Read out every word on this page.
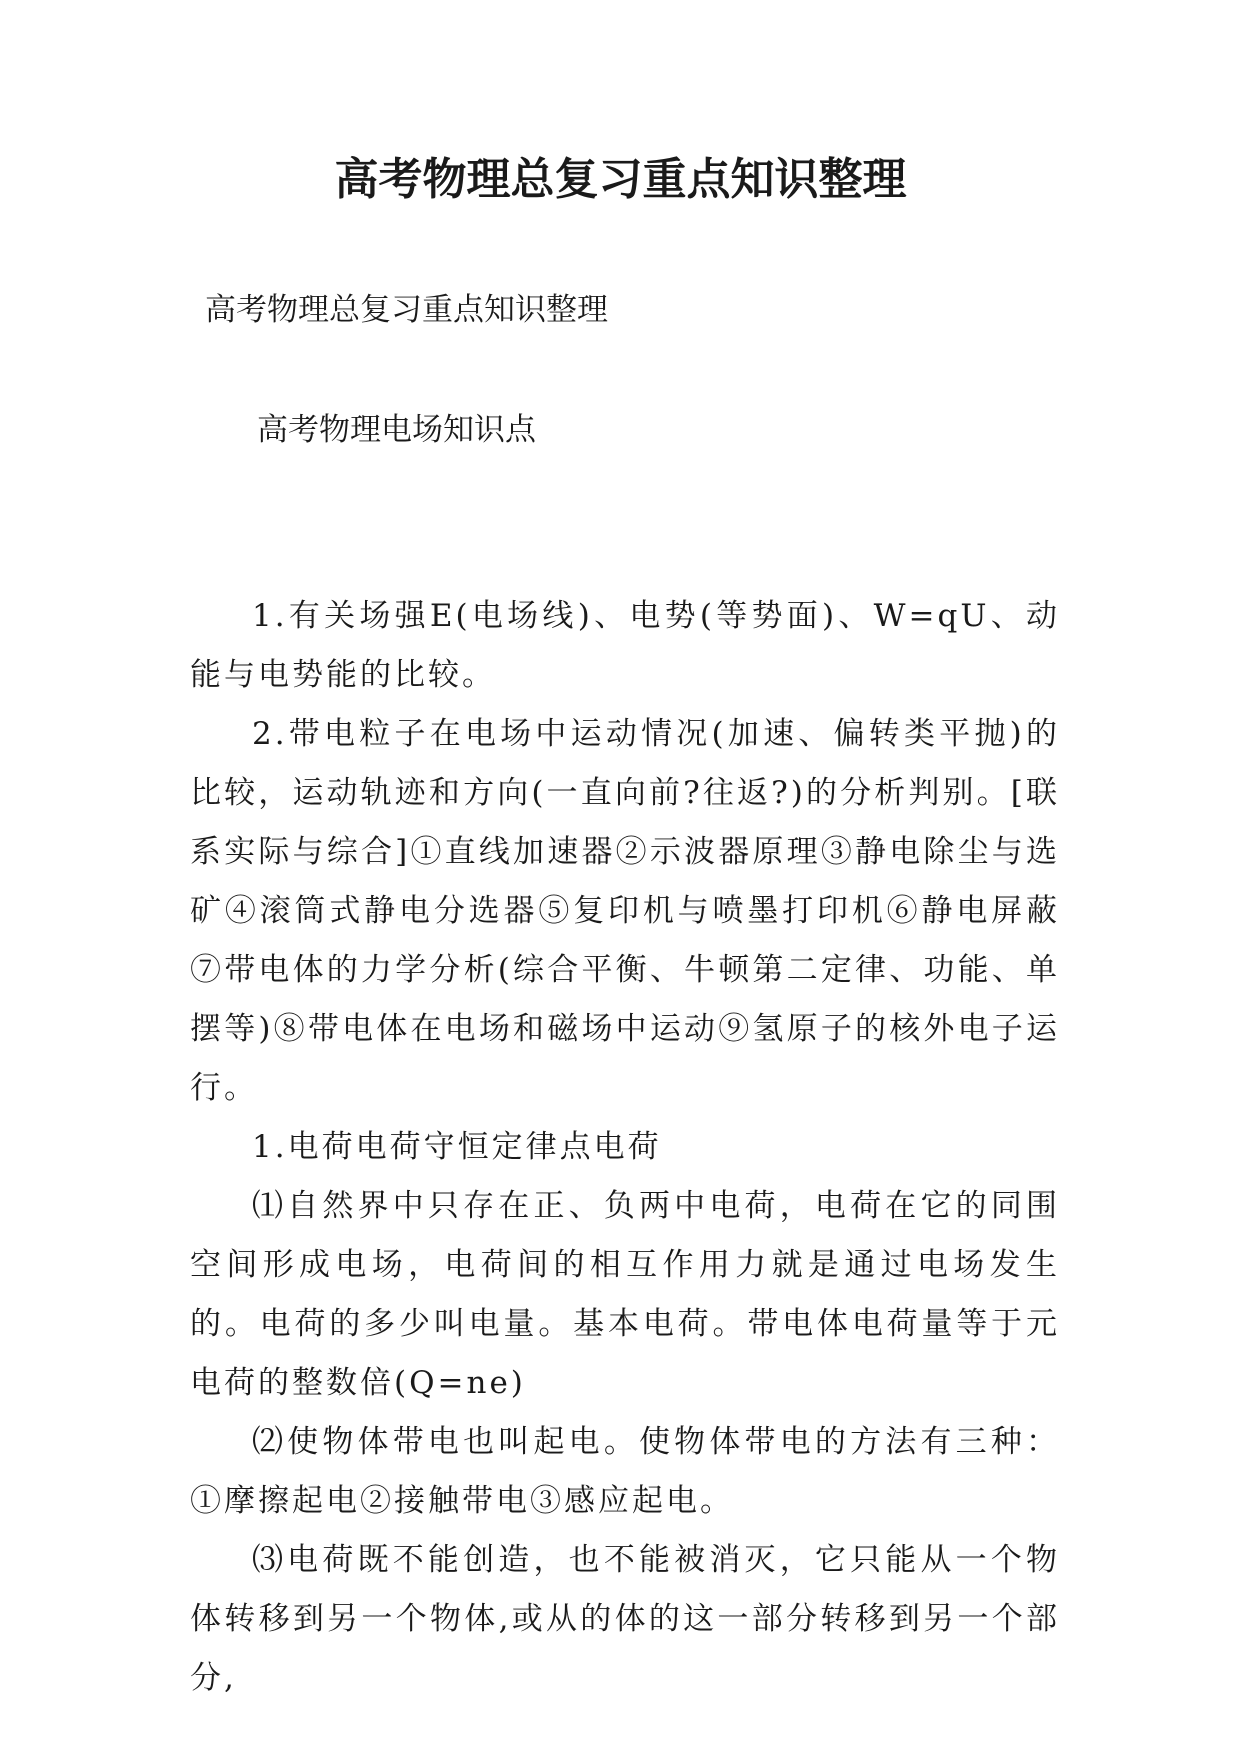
高考物理总复习重点知识整理
高考物理总复习重点知识整理
高考物理电场知识点

1.有关场强E(电场线)、电势(等势面)、W=qU、动能与电势能的比较。

2.带电粒子在电场中运动情况(加速、偏转类平抛)的比较，运动轨迹和方向(一直向前?往返?)的分析判别。[联系实际与综合]①直线加速器②示波器原理③静电除尘与选矿④滚筒式静电分选器⑤复印机与喷墨打印机⑥静电屏蔽⑦带电体的力学分析(综合平衡、牛顿第二定律、功能、单摆等)⑧带电体在电场和磁场中运动⑨氢原子的核外电子运行。

1.电荷电荷守恒定律点电荷

⑴自然界中只存在正、负两中电荷，电荷在它的同围空间形成电场，电荷间的相互作用力就是通过电场发生的。电荷的多少叫电量。基本电荷。带电体电荷量等于元电荷的整数倍(Q=ne)

⑵使物体带电也叫起电。使物体带电的方法有三种：①摩擦起电②接触带电③感应起电。

⑶电荷既不能创造，也不能被消灭，它只能从一个物体转移到另一个物体,或从的体的这一部分转移到另一个部分,
